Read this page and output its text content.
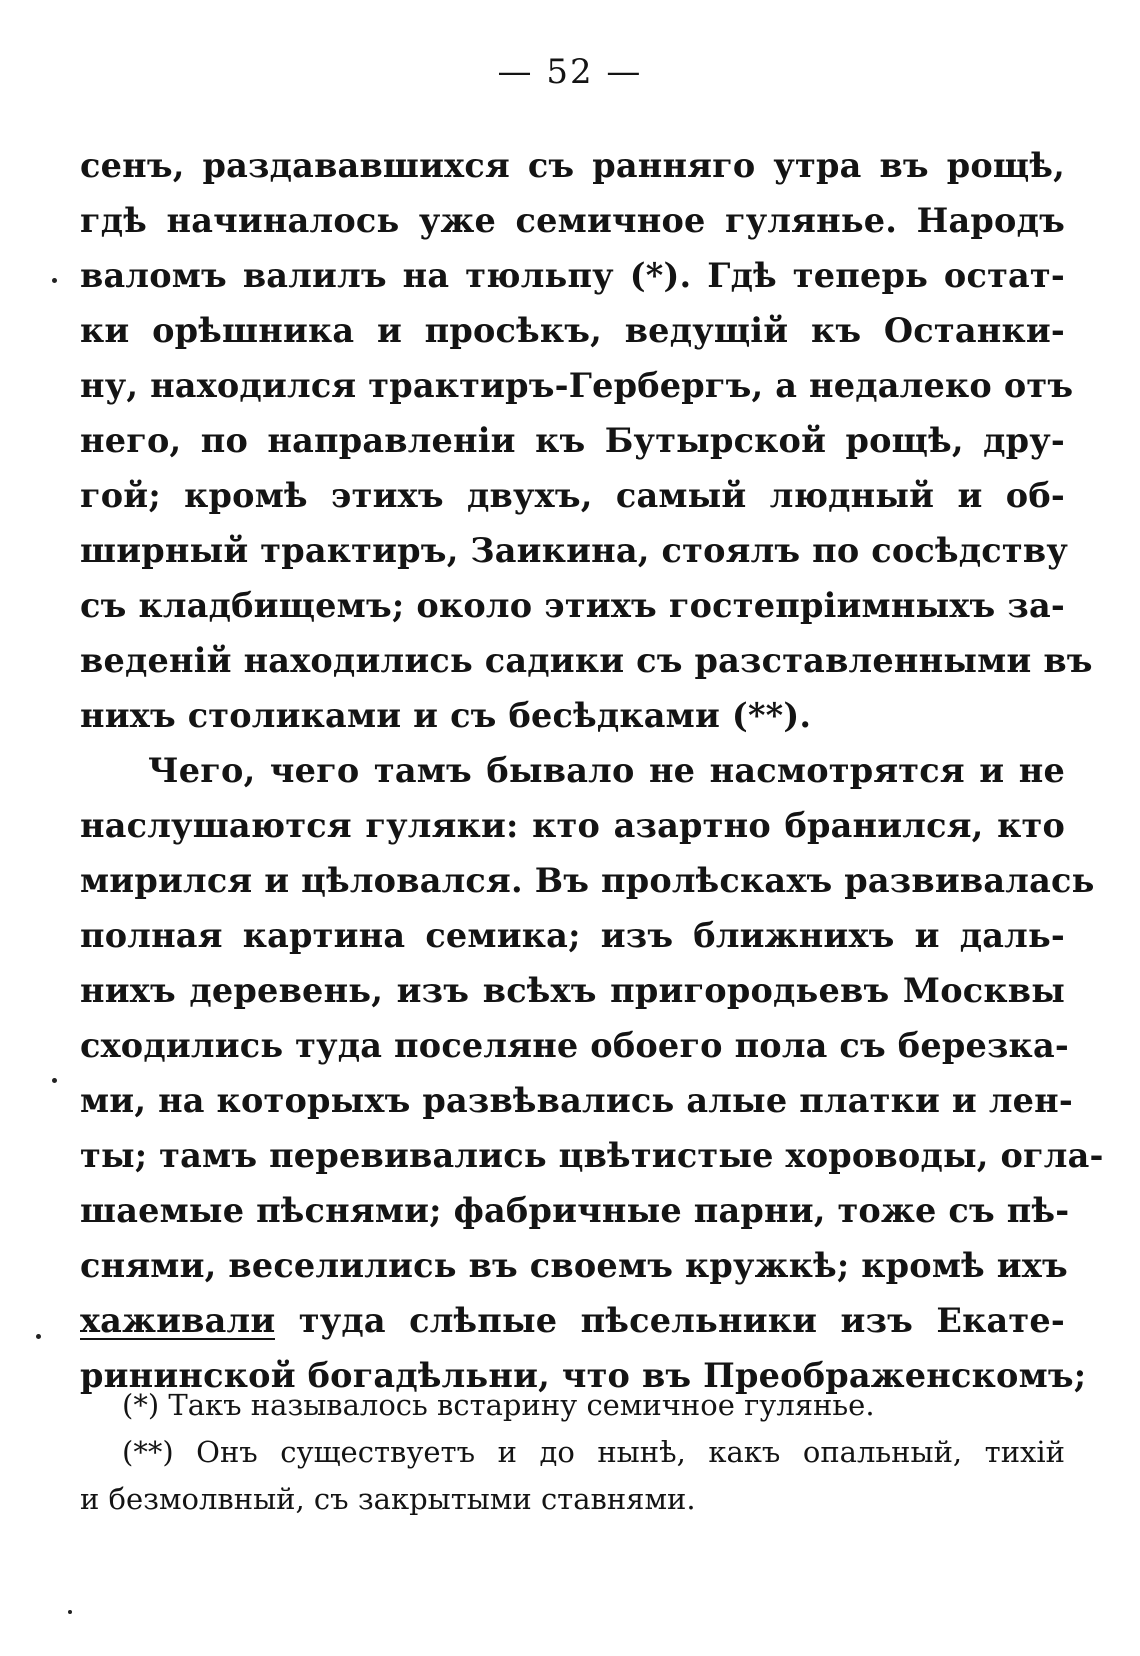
— 52 —
сенъ, раздававшихся съ ранняго утра въ рощѣ,
гдѣ начиналось уже семичное гулянье. Народъ
валомъ валилъ на тюльпу (*). Гдѣ теперь остат-
ки орѣшника и просѣкъ, ведущій къ Останки-
ну, находился трактиръ-Гербергъ, а недалеко отъ
него, по направленіи къ Бутырской рощѣ, дру-
гой; кромѣ этихъ двухъ, самый людный и об-
ширный трактиръ, Заикина, стоялъ по сосѣдству
съ кладбищемъ; около этихъ гостепріимныхъ за-
веденій находились садики съ разставленными въ
нихъ столиками и съ бесѣдками (**).
Чего, чего тамъ бывало не насмотрятся и не
наслушаются гуляки: кто азартно бранился, кто
мирился и цѣловался. Въ пролѣскахъ развивалась
полная картина семика; изъ ближнихъ и даль-
нихъ деревень, изъ всѣхъ пригородьевъ Москвы
сходились туда поселяне обоего пола съ березка-
ми, на которыхъ развѣвались алые платки и лен-
ты; тамъ перевивались цвѣтистые хороводы, огла-
шаемые пѣснями; фабричные парни, тоже съ пѣ-
снями, веселились въ своемъ кружкѣ; кромѣ ихъ
хаживали туда слѣпые пѣсельники изъ Екате-
рининской богадѣльни, что въ Преображенскомъ;
(*) Такъ называлось встарину семичное гулянье.
(**) Онъ существуетъ и до нынѣ, какъ опальный, тихій
и безмолвный, съ закрытыми ставнями.
